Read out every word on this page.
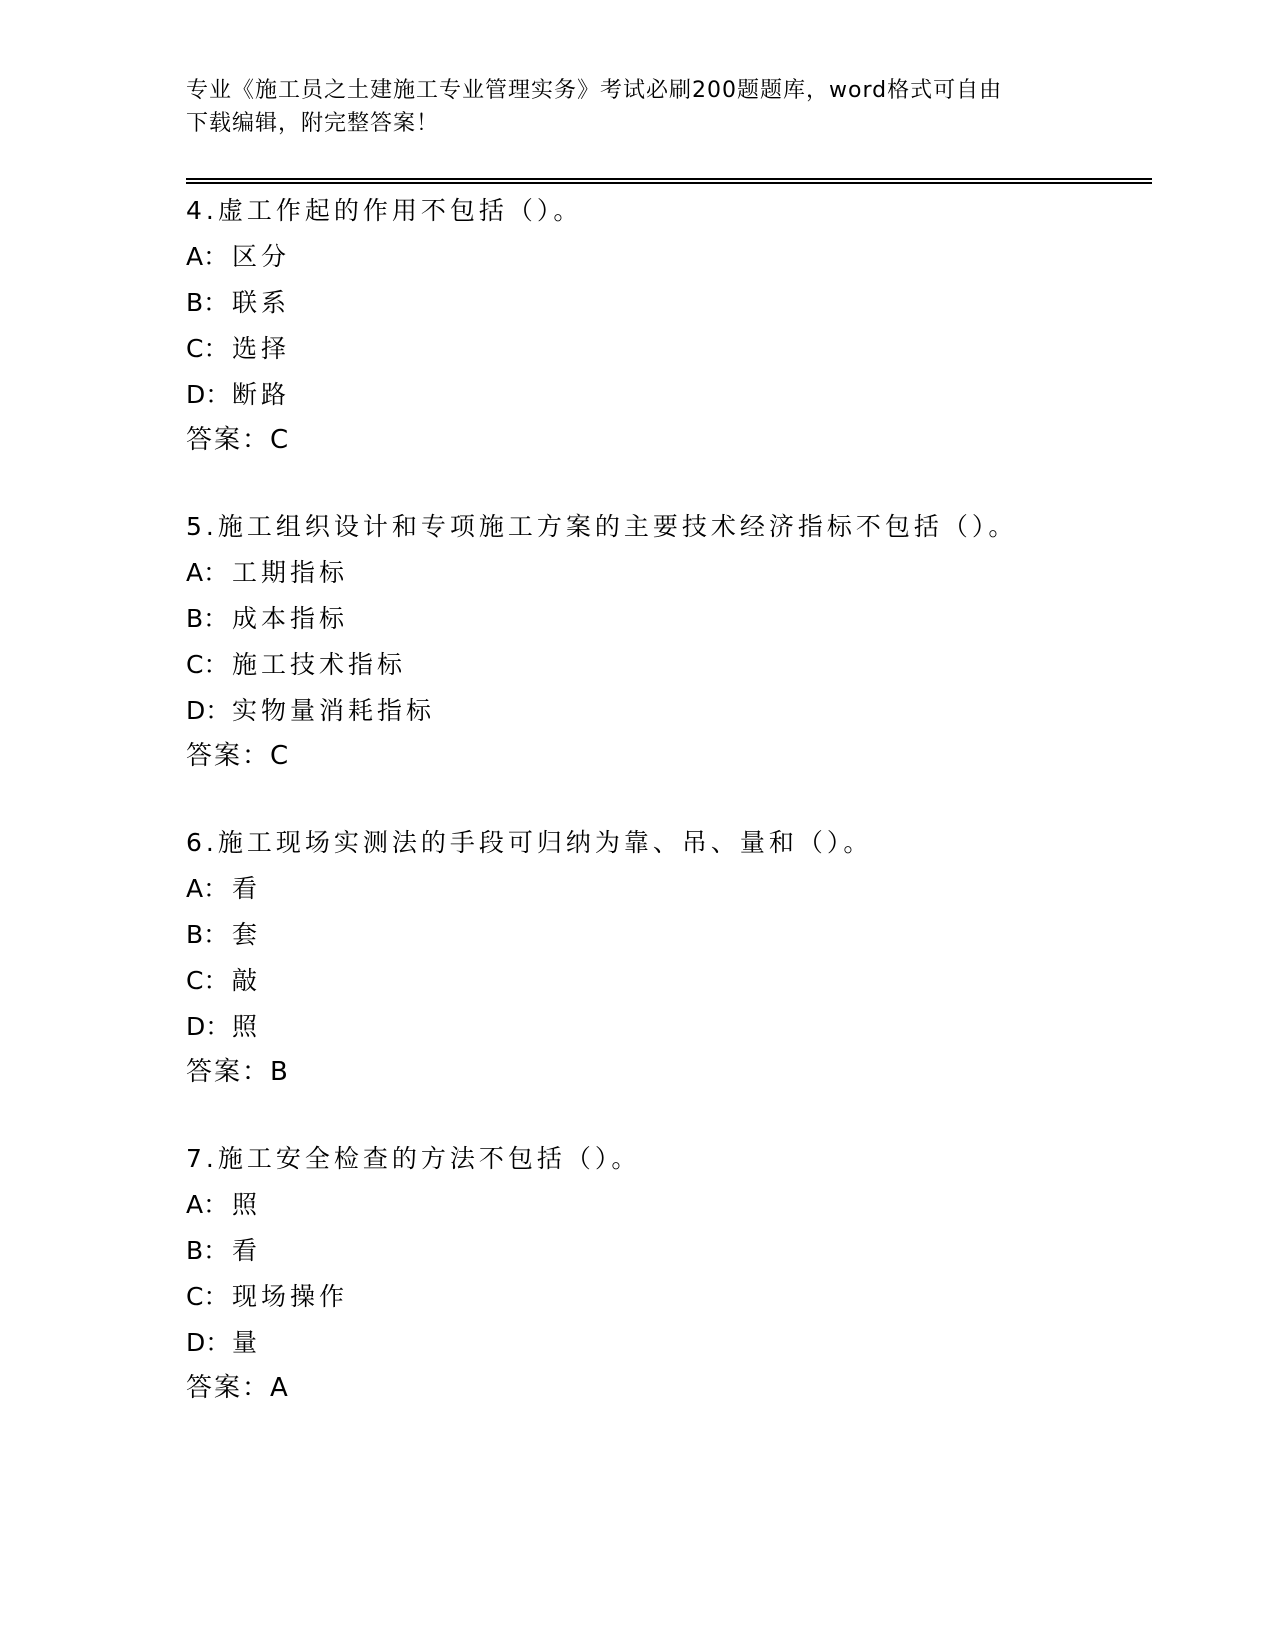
专业《施工员之土建施工专业管理实务》考试必刷200题题库，word格式可自由
下载编辑，附完整答案！
4.虚工作起的作用不包括（）。
A： 区分
B： 联系
C： 选择
D：断路
答案：C
5.施工组织设计和专项施工方案的主要技术经济指标不包括（）。
A： 工期指标
B： 成本指标
C： 施工技术指标
D：实物量消耗指标
答案：C
6.施工现场实测法的手段可归纳为靠、吊、量和（）。
A： 看
B： 套
C： 敲
D：照
答案：B
7.施工安全检查的方法不包括（）。
A： 照
B： 看
C： 现场操作
D：量
答案：A
